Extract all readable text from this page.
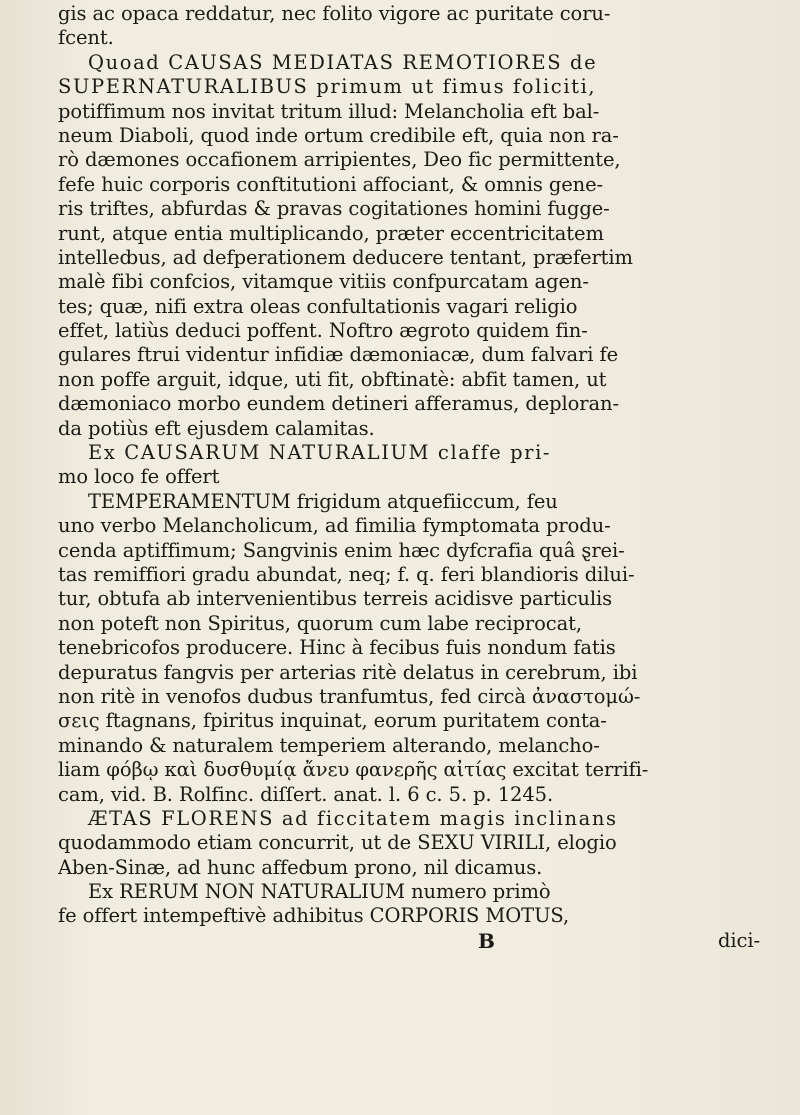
gis ac opaca reddatur, nec folito vigore ac puritate coru-
fcent.
Quoad CAUSAS MEDIATAS REMOTIORES de
SUPERNATURALIBUS primum ut fimus foliciti,
potiffimum nos invitat tritum illud: Melancholia eft bal-
neum Diaboli, quod inde ortum credibile eft, quia non ra-
rò dæmones occafionem arripientes, Deo fic permittente,
fefe huic corporis conftitutioni affociant, & omnis gene-
ris triftes, abfurdas & pravas cogitationes homini fugge-
runt, atque entia multiplicando, præter eccentricitatem
intelleȸus, ad defperationem deducere tentant, præfertim
malè fibi confcios, vitamque vitiis confpurcatam agen-
tes; quæ, nifi extra oleas confultationis vagari religio
effet, latiùs deduci poffent. Noftro ægroto quidem fin-
gulares ftrui videntur infidiæ dæmoniacæ, dum falvari fe
non poffe arguit, idque, uti fit, obftinatè: abfit tamen, ut
dæmoniaco morbo eundem detineri afferamus, deploran-
da potiùs eft ejusdem calamitas.
Ex CAUSARUM NATURALIUM claffe pri-
mo loco fe offert
TEMPERAMENTUM frigidum atquefiiccum, feu
uno verbo Melancholicum, ad fimilia fymptomata produ-
cenda aptiffimum; Sangvinis enim hæc dyfcrafia quâ ȿrei-
tas remiffiori gradu abundat, neq; f. q. feri blandioris dilui-
tur, obtufa ab intervenientibus terreis acidisve particulis
non poteft non Spiritus, quorum cum labe reciprocat,
tenebricofos producere. Hinc à fecibus fuis nondum fatis
depuratus fangvis per arterias ritè delatus in cerebrum, ibi
non ritè in venofos duȸus tranfumtus, fed circà ἀναστομώ-
σεις ftagnans, fpiritus inquinat, eorum puritatem conta-
minando & naturalem temperiem alterando, melancho-
liam φόβῳ καὶ δυσθυμίᾳ ἄνευ φανερῆς αἰτίας excitat terrifi-
cam, vid. B. Rolfinc. diſſert. anat. l. 6 c. 5. p. 1245.
ÆTAS FLORENS ad ficcitatem magis inclinans
quodammodo etiam concurrit, ut de SEXU VIRILI, elogio
Aben-Sinæ, ad hunc affeȸum prono, nil dicamus.
Ex RERUM NON NATURALIUM numero primò
fe offert intempeftivè adhibitus CORPORIS MOTUS,
B	dici-
